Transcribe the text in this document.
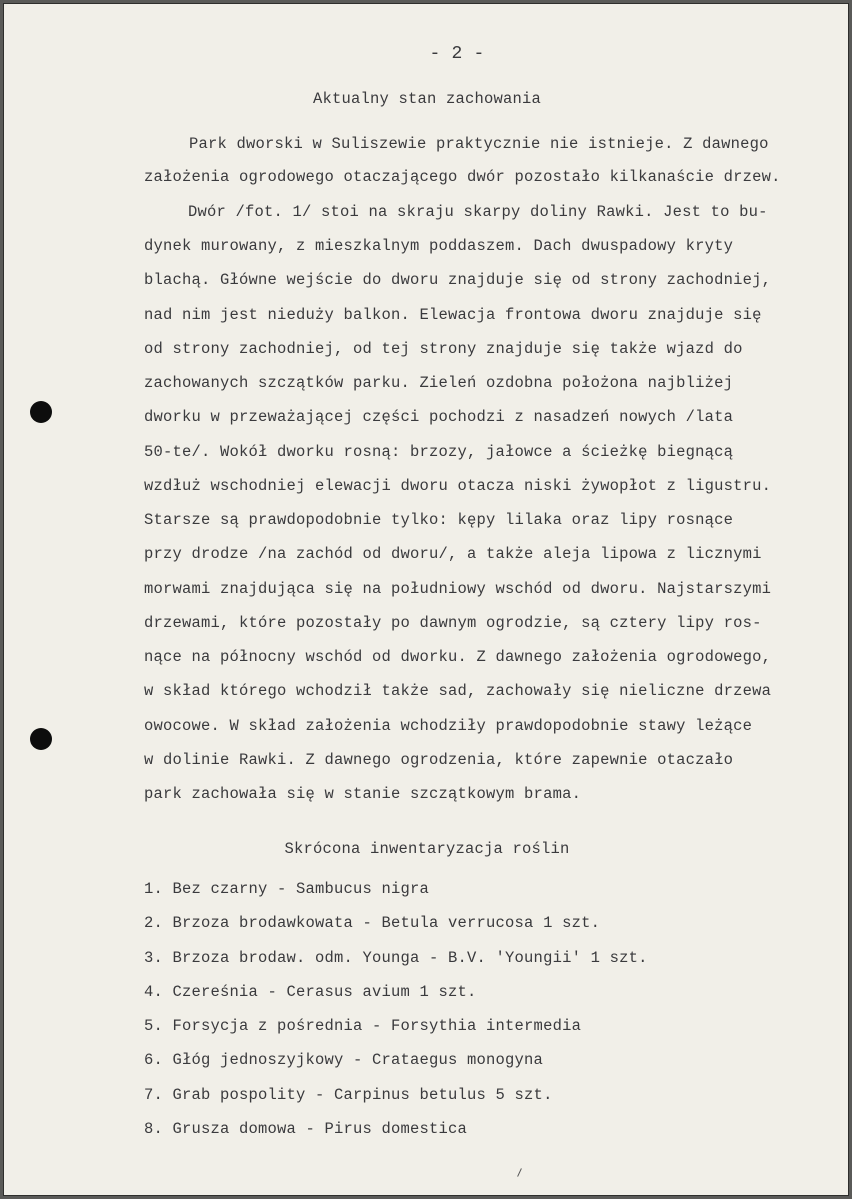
- 2 -
Aktualny stan zachowania
Park dworski w Suliszewie praktycznie nie istnieje. Z dawnego
założenia ogrodowego otaczającego dwór pozostało kilkanaście drzew.
Dwór /fot. 1/ stoi na skraju skarpy doliny Rawki. Jest to bu-
dynek murowany, z mieszkalnym poddaszem. Dach dwuspadowy kryty
blachą. Główne wejście do dworu znajduje się od strony zachodniej,
nad nim jest nieduży balkon. Elewacja frontowa dworu znajduje się
od strony zachodniej, od tej strony znajduje się także wjazd do
zachowanych szczątków parku. Zieleń ozdobna położona najbliżej
dworku w przeważającej części pochodzi z nasadzeń nowych /lata
50-te/. Wokół dworku rosną: brzozy, jałowce a ścieżkę biegnącą
wzdłuż wschodniej elewacji dworu otacza niski żywopłot z ligustru.
Starsze są prawdopodobnie tylko: kępy lilaka oraz lipy rosnące
przy drodze /na zachód od dworu/, a także aleja lipowa z licznymi
morwami znajdująca się na południowy wschód od dworu. Najstarszymi
drzewami, które pozostały po dawnym ogrodzie, są cztery lipy ros-
nące na północny wschód od dworku. Z dawnego założenia ogrodowego,
w skład którego wchodził także sad, zachowały się nieliczne drzewa
owocowe. W skład założenia wchodziły prawdopodobnie stawy leżące
w dolinie Rawki. Z dawnego ogrodzenia, które zapewnie otaczało
park zachowała się w stanie szczątkowym brama.
Skrócona inwentaryzacja roślin
1. Bez czarny - Sambucus nigra
2. Brzoza brodawkowata - Betula verrucosa 1 szt.
3. Brzoza brodaw. odm. Younga - B.V. 'Youngii' 1 szt.
4. Czereśnia - Cerasus avium 1 szt.
5. Forsycja z pośrednia - Forsythia intermedia
6. Głóg jednoszyjkowy - Crataegus monogyna
7. Grab pospolity - Carpinus betulus 5 szt.
8. Grusza domowa - Pirus domestica
